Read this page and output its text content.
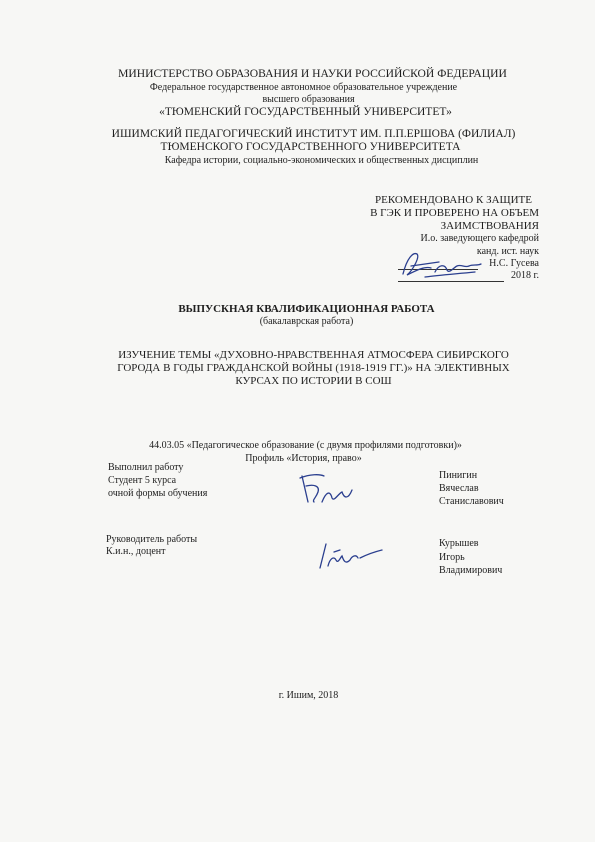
МИНИСТЕРСТВО ОБРАЗОВАНИЯ И НАУКИ РОССИЙСКОЙ ФЕДЕРАЦИИ
Федеральное государственное автономное образовательное учреждение
высшего образования
«ТЮМЕНСКИЙ ГОСУДАРСТВЕННЫЙ УНИВЕРСИТЕТ»
ИШИМСКИЙ ПЕДАГОГИЧЕСКИЙ ИНСТИТУТ ИМ. П.П.ЕРШОВА (ФИЛИАЛ)
ТЮМЕНСКОГО ГОСУДАРСТВЕННОГО УНИВЕРСИТЕТА
Кафедра истории, социально-экономических и общественных дисциплин
РЕКОМЕНДОВАНО К ЗАЩИТЕ
В ГЭК И ПРОВЕРЕНО НА ОБЪЕМ
ЗАИМСТВОВАНИЯ
И.о. заведующего кафедрой
канд. ист. наук
Н.С. Гусева
2018 г.
ВЫПУСКНАЯ КВАЛИФИКАЦИОННАЯ РАБОТА
(бакалаврская работа)
ИЗУЧЕНИЕ ТЕМЫ «ДУХОВНО-НРАВСТВЕННАЯ АТМОСФЕРА СИБИРСКОГО
ГОРОДА В ГОДЫ ГРАЖДАНСКОЙ ВОЙНЫ (1918-1919 ГГ.)» НА ЭЛЕКТИВНЫХ
КУРСАХ ПО ИСТОРИИ В СОШ
44.03.05 «Педагогическое образование (с двумя профилями подготовки)»
Профиль «История, право»
Выполнил работу
Студент 5 курса
очной формы обучения
Пинигин
Вячеслав
Станиславович
Руководитель работы
К.и.н., доцент
Курышев
Игорь
Владимирович
г. Ишим, 2018
